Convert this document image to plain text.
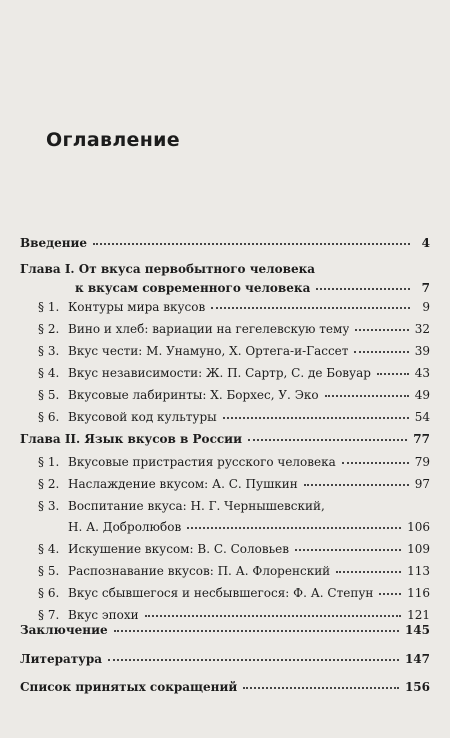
Оглавление
Введение	4
Глава I. От вкуса первобытного человека
к вкусам современного человека	7
§ 1. Контуры мира вкусов	9
§ 2. Вино и хлеб: вариации на гегелевскую тему	32
§ 3. Вкус чести: М. Унамуно, Х. Ортега-и-Гассет	39
§ 4. Вкус независимости: Ж. П. Сартр, С. де Бовуар	43
§ 5. Вкусовые лабиринты: Х. Борхес, У. Эко	49
§ 6. Вкусовой код культуры	54
Глава II. Язык вкусов в России	77
§ 1. Вкусовые пристрастия русского человека	79
§ 2. Наслаждение вкусом: А. С. Пушкин	97
§ 3. Воспитание вкуса: Н. Г. Чернышевский,
Н. А. Добролюбов	106
§ 4. Искушение вкусом: В. С. Соловьев	109
§ 5. Распознавание вкусов: П. А. Флоренский	113
§ 6. Вкус сбывшегося и несбывшегося: Ф. А. Степун	116
§ 7. Вкус эпохи	121
Заключение	145
Литература	147
Список принятых сокращений	156
